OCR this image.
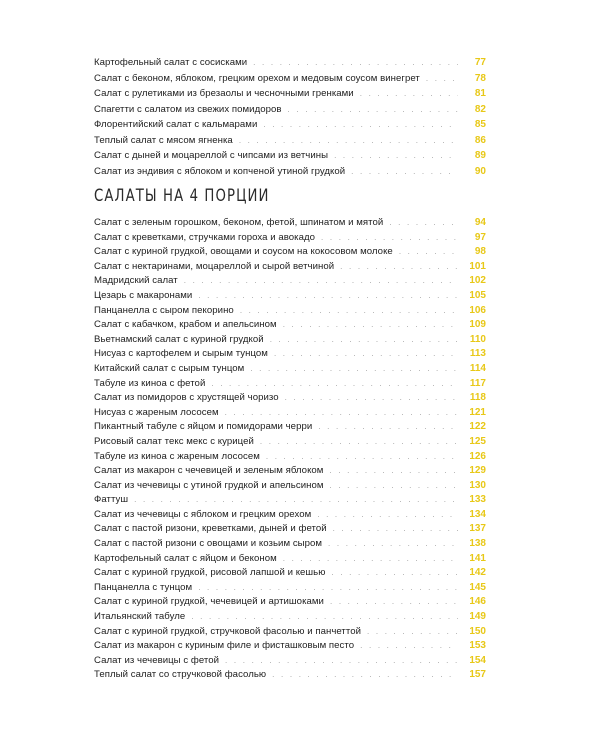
Картофельный салат с сосисками . . .	77
Салат с беконом, яблоком, грецким орехом и медовым соусом винегрет . . .	78
Салат с рулетиками из брезаолы и чесночными гренками . . .	81
Спагетти с салатом из свежих помидоров . . .	82
Флорентийский салат с кальмарами . . .	85
Теплый салат с мясом ягненка . . .	86
Салат с дыней и моцареллой с чипсами из ветчины . . .	89
Салат из эндивия с яблоком и копченой утиной грудкой . . .	90
САЛАТЫ НА 4 ПОРЦИИ
Салат с зеленым горошком, беконом, фетой, шпинатом и мятой . . .	94
Салат с креветками, стручками гороха и авокадо . . .	97
Салат с куриной грудкой, овощами и соусом на кокосовом молоке . . .	98
Салат с нектаринами, моцареллой и сырой ветчиной . . .	101
Мадридский салат . . .	102
Цезарь с макаронами . . .	105
Панцанелла с сыром пекорино . . .	106
Салат с кабачком, крабом и апельсином . . .	109
Вьетнамский салат с куриной грудкой . . .	110
Нисуаз с картофелем и сырым тунцом . . .	113
Китайский салат с сырым тунцом . . .	114
Табуле из киноа с фетой . . .	117
Салат из помидоров с хрустящей чоризо . . .	118
Нисуаз с жареным лососем . . .	121
Пикантный табуле с яйцом и помидорами черри . . .	122
Рисовый салат текс мекс с курицей . . .	125
Табуле из киноа с жареным лососем . . .	126
Салат из макарон с чечевицей и зеленым яблоком . . .	129
Салат из чечевицы с утиной грудкой и апельсином . . .	130
Фаттуш . . .	133
Салат из чечевицы с яблоком и грецким орехом . . .	134
Салат с пастой ризони, креветками, дыней и фетой . . .	137
Салат с пастой ризони с овощами и козьим сыром . . .	138
Картофельный салат с яйцом и беконом . . .	141
Салат с куриной грудкой, рисовой лапшой и кешью . . .	142
Панцанелла с тунцом . . .	145
Салат с куриной грудкой, чечевицей и артишоками . . .	146
Итальянский табуле . . .	149
Салат с куриной грудкой, стручковой фасолью и панчеттой . . .	150
Салат из макарон с куриным филе и фисташковым песто . . .	153
Салат из чечевицы с фетой . . .	154
Теплый салат со стручковой фасолью . . .	157
